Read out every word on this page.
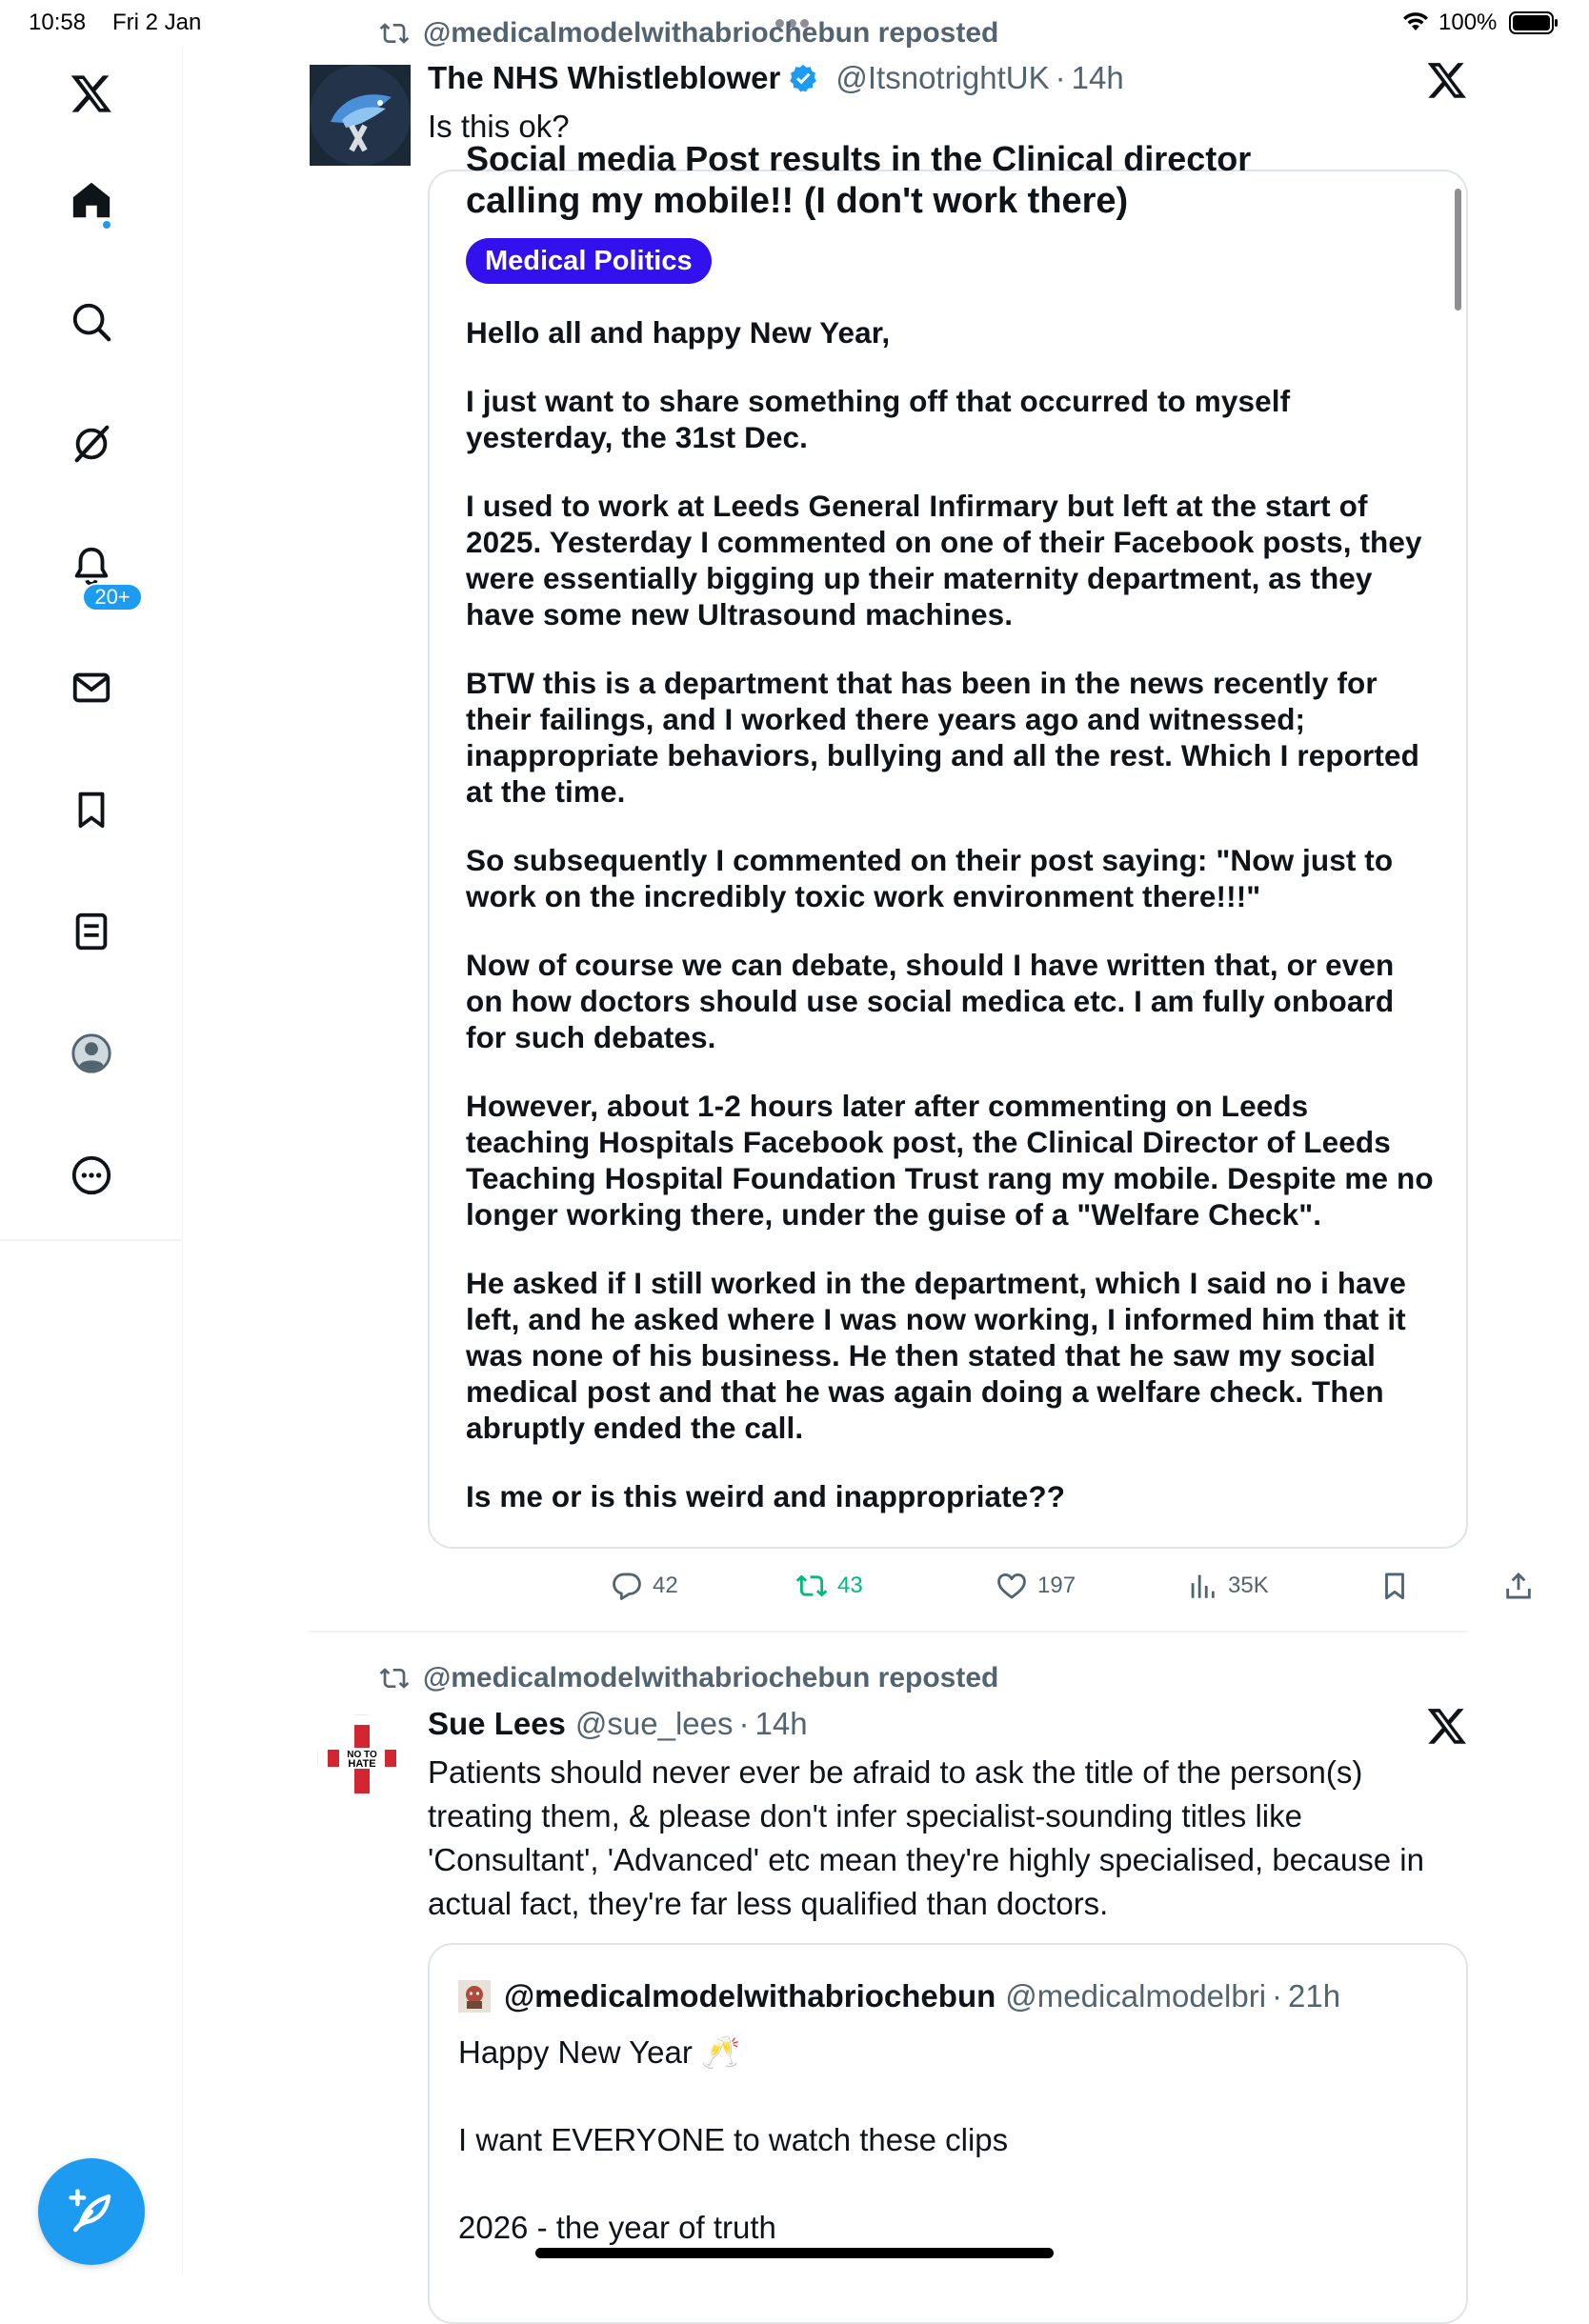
10:58 Fri 2 Jan	100%
20+
@medicalmodelwithabriochebun reposted
The NHS Whistleblower @ItsnotrightUK · 14h
Is this ok?
Social media Post results in the Clinical director
calling my mobile!! (I don't work there)
Medical Politics

Hello all and happy New Year,

I just want to share something off that occurred to myself yesterday, the 31st Dec.

I used to work at Leeds General Infirmary but left at the start of 2025. Yesterday I commented on one of their Facebook posts, they were essentially bigging up their maternity department, as they have some new Ultrasound machines.

BTW this is a department that has been in the news recently for their failings, and I worked there years ago and witnessed; inappropriate behaviors, bullying and all the rest. Which I reported at the time.

So subsequently I commented on their post saying: "Now just to work on the incredibly toxic work environment there!!!"

Now of course we can debate, should I have written that, or even on how doctors should use social medica etc. I am fully onboard for such debates.

However, about 1-2 hours later after commenting on Leeds teaching Hospitals Facebook post, the Clinical Director of Leeds Teaching Hospital Foundation Trust rang my mobile. Despite me no longer working there, under the guise of a "Welfare Check".

He asked if I still worked in the department, which I said no i have left, and he asked where I was now working, I informed him that it was none of his business. He then stated that he saw my social medical post and that he was again doing a welfare check. Then abruptly ended the call.

Is me or is this weird and inappropriate??

42	43	197	35K
@medicalmodelwithabriochebun reposted
NO TO
HATE
Sue Lees @sue_lees · 14h
Patients should never ever be afraid to ask the title of the person(s) treating them, & please don't infer specialist-sounding titles like 'Consultant', 'Advanced' etc mean they're highly specialised, because in actual fact, they're far less qualified than doctors.
@medicalmodelwithabriochebun @medicalmodelbri · 21h

Happy New Year 🥂

I want EVERYONE to watch these clips

2026 - the year of truth
